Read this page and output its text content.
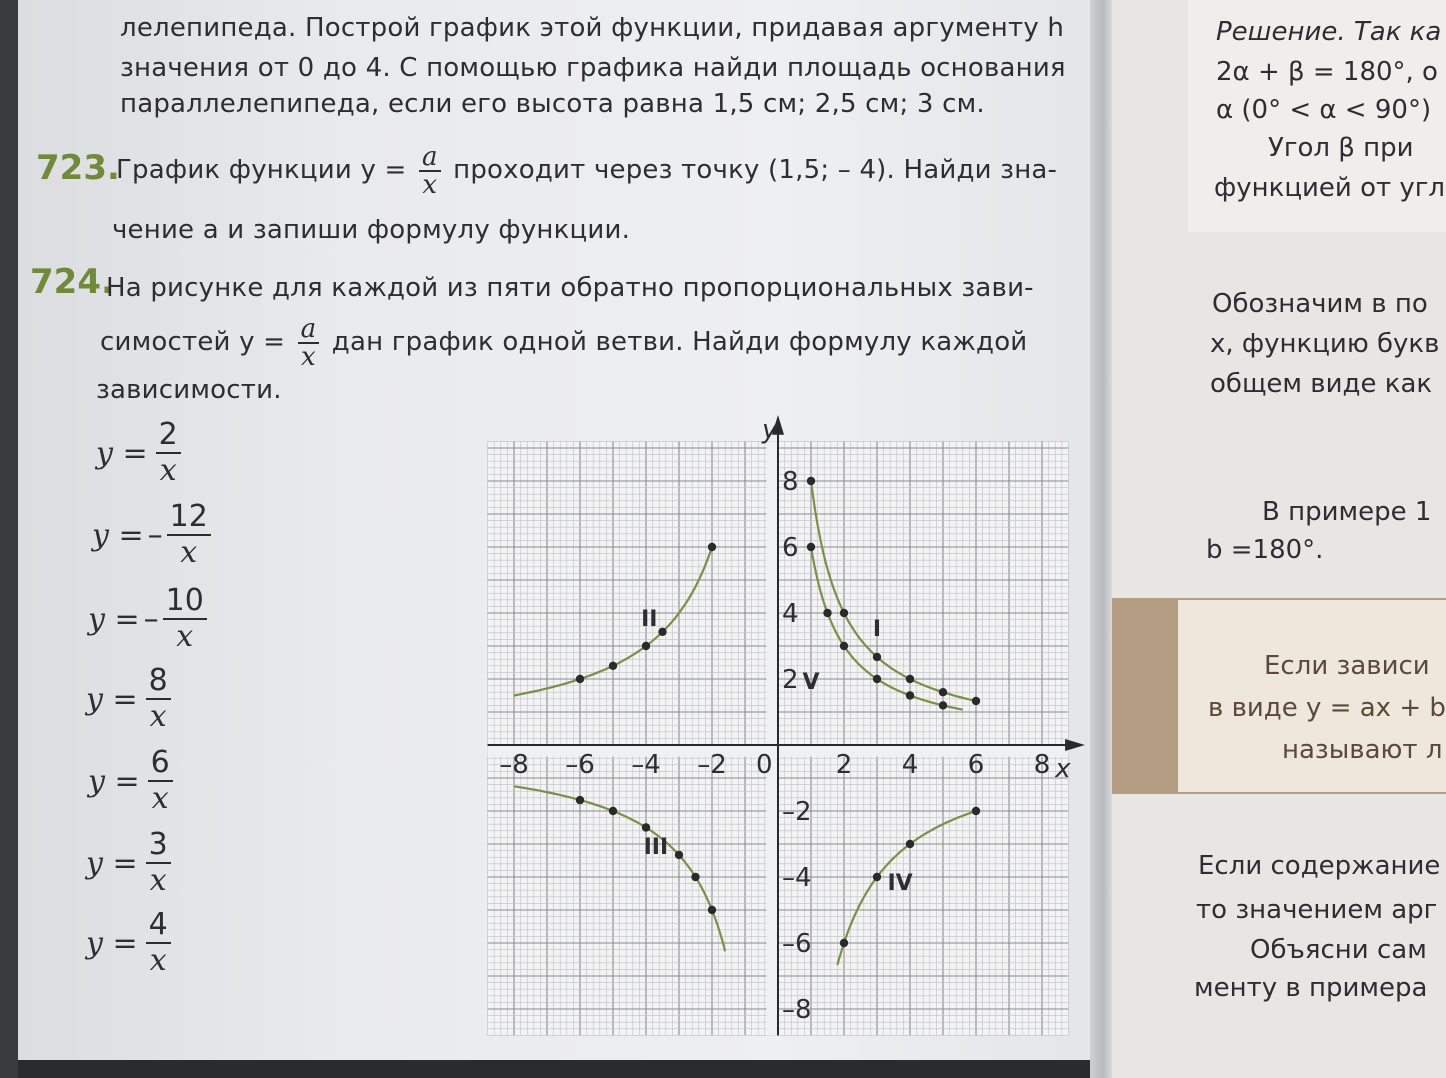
лелепипеда. Построй график этой функции, придавая аргументу h
значения от 0 до 4. С помощью графика найди площадь основания
параллелепипеда, если его высота равна 1,5 см; 2,5 см; 3 см.
723.
График функции $y = \frac{a}{x}$ проходит через точку (1,5; – 4). Найди зна-
чение a и запиши формулу функции.
724.
На рисунке для каждой из пяти обратно пропорциональных зави-
симостей $y = \frac{a}{x}$ дан график одной ветви. Найди формулу каждой
зависимости.
$y = \frac{2}{x}$
y = – $\frac{12}{x}$
y = – $\frac{10}{x}$
$y = \frac{8}{x}$
$y = \frac{6}{x}$
$y = \frac{3}{x}$
$y = \frac{4}{x}$
x
y
0
–8 –6 –4 –2	2 4 6 8
8
6
4
2
–2
–4
–6
–8
I
II
III
IV
V
Решение. Так ка
2α + β = 180°, о
α (0° < α < 90°)
Угол β при
функцией от угл
Обозначим в по
x, функцию букв
общем виде как
В примере 1
b =180°.
Если зависи
в виде y = ax + b
называют л
Если содержание
то значением арг
Объясни сам
менту в примера
